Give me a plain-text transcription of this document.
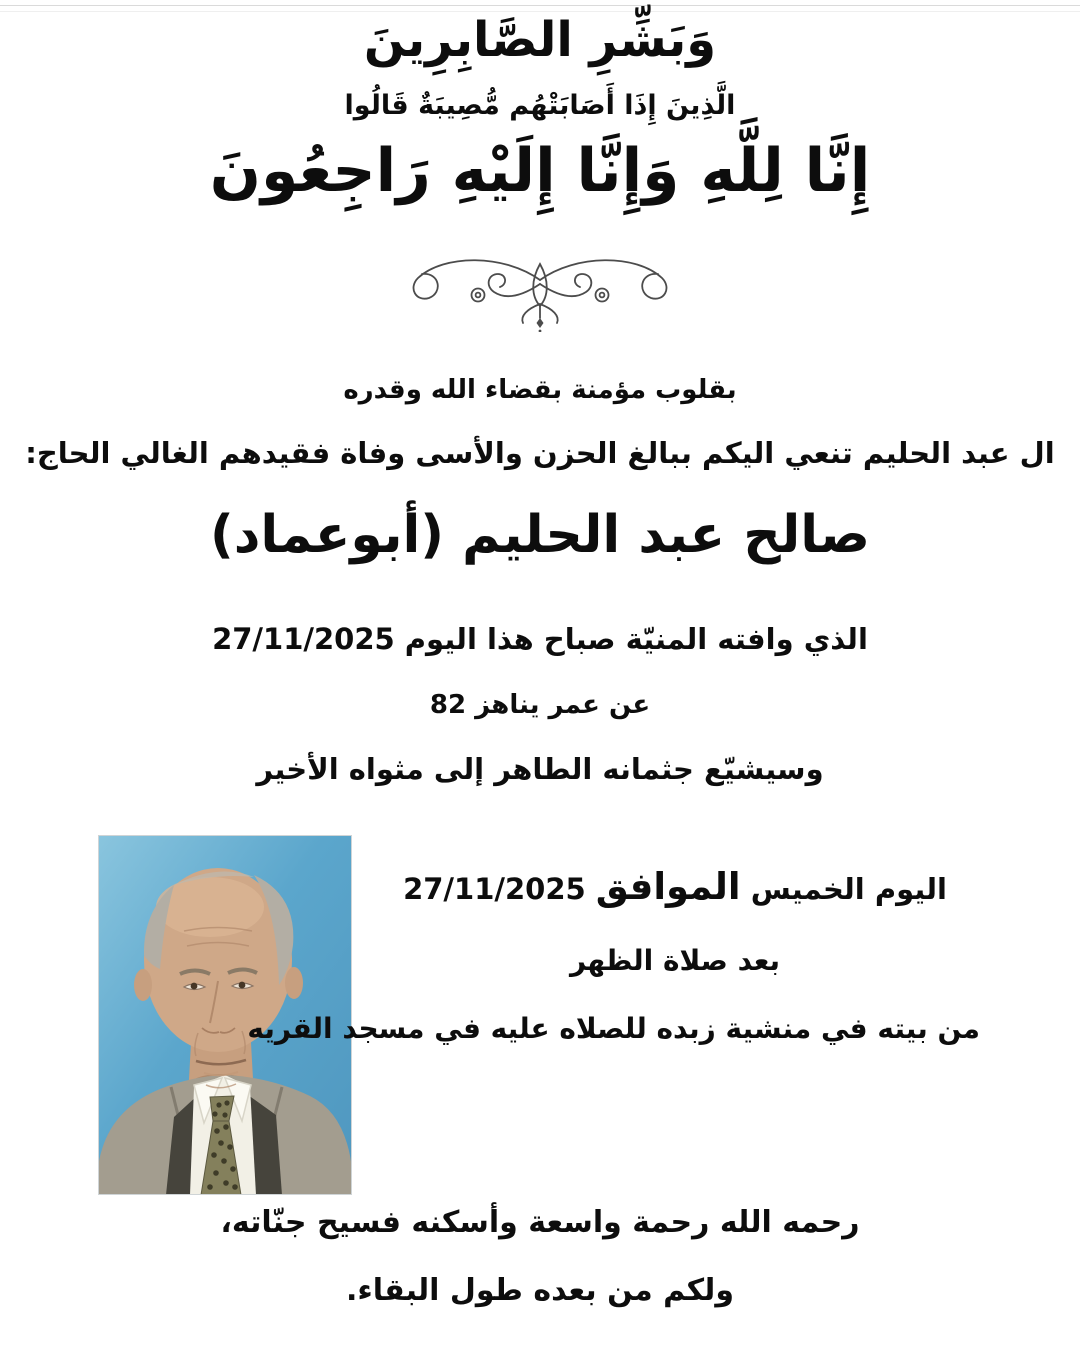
وَبَشِّرِ الصَّابِرِينَ
الَّذِينَ إِذَا أَصَابَتْهُم مُّصِيبَةٌ قَالُوا
إِنَّا لِلَّهِ وَإِنَّا إِلَيْهِ رَاجِعُونَ
بقلوب مؤمنة بقضاء الله وقدره
ال عبد الحليم تنعي اليكم ببالغ الحزن والأسى وفاة فقيدهم الغالي الحاج:
صالح عبد الحليم (أبوعماد)
الذي وافته المنيّة صباح هذا اليوم 27/11/2025
عن عمر يناهز 82
وسيشيّع جثمانه الطاهر إلى مثواه الأخير
اليوم الخميس الموافق 27/11/2025
بعد صلاة الظهر
من بيته في منشية زبده للصلاه عليه في مسجد القريه
رحمه الله رحمة واسعة وأسكنه فسيح جنّاته،
ولكم من بعده طول البقاء.
